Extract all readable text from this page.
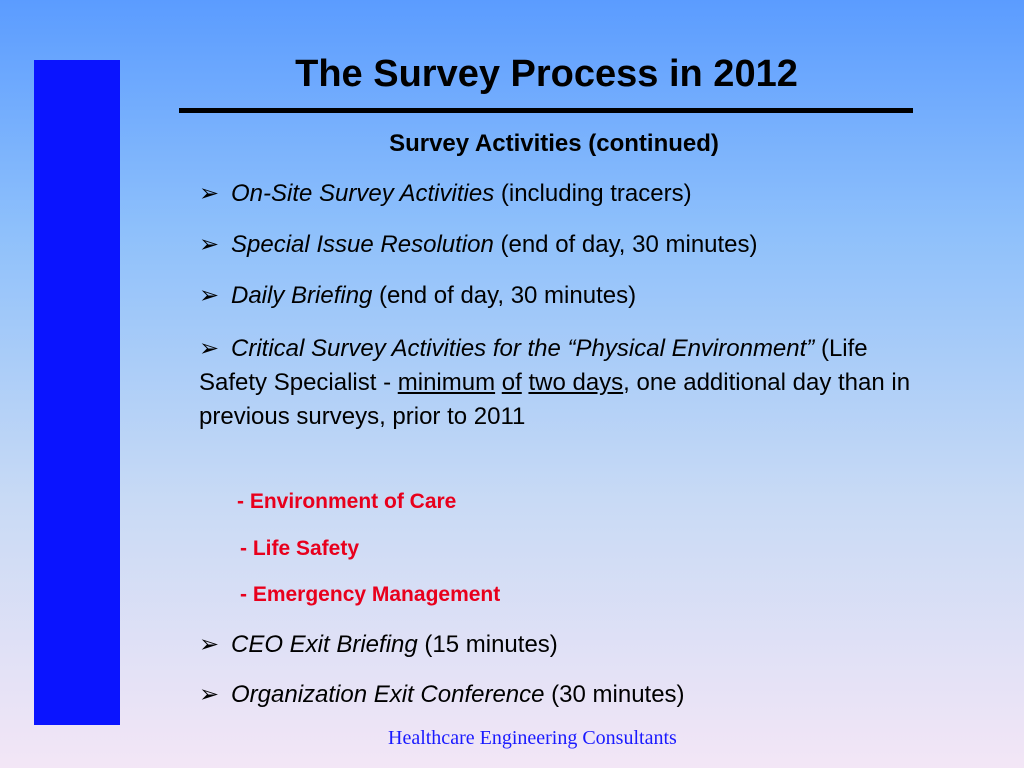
The Survey Process in 2012
Survey Activities (continued)
➢ On-Site Survey Activities (including tracers)
➢ Special Issue Resolution (end of day, 30 minutes)
➢ Daily Briefing (end of day, 30 minutes)
➢ Critical Survey Activities for the “Physical Environment” (Life Safety Specialist - minimum of two days, one additional day than in previous surveys, prior to 2011
- Environment of Care
- Life Safety
- Emergency Management
➢ CEO Exit Briefing (15 minutes)
➢ Organization Exit Conference (30 minutes)
Healthcare Engineering Consultants
